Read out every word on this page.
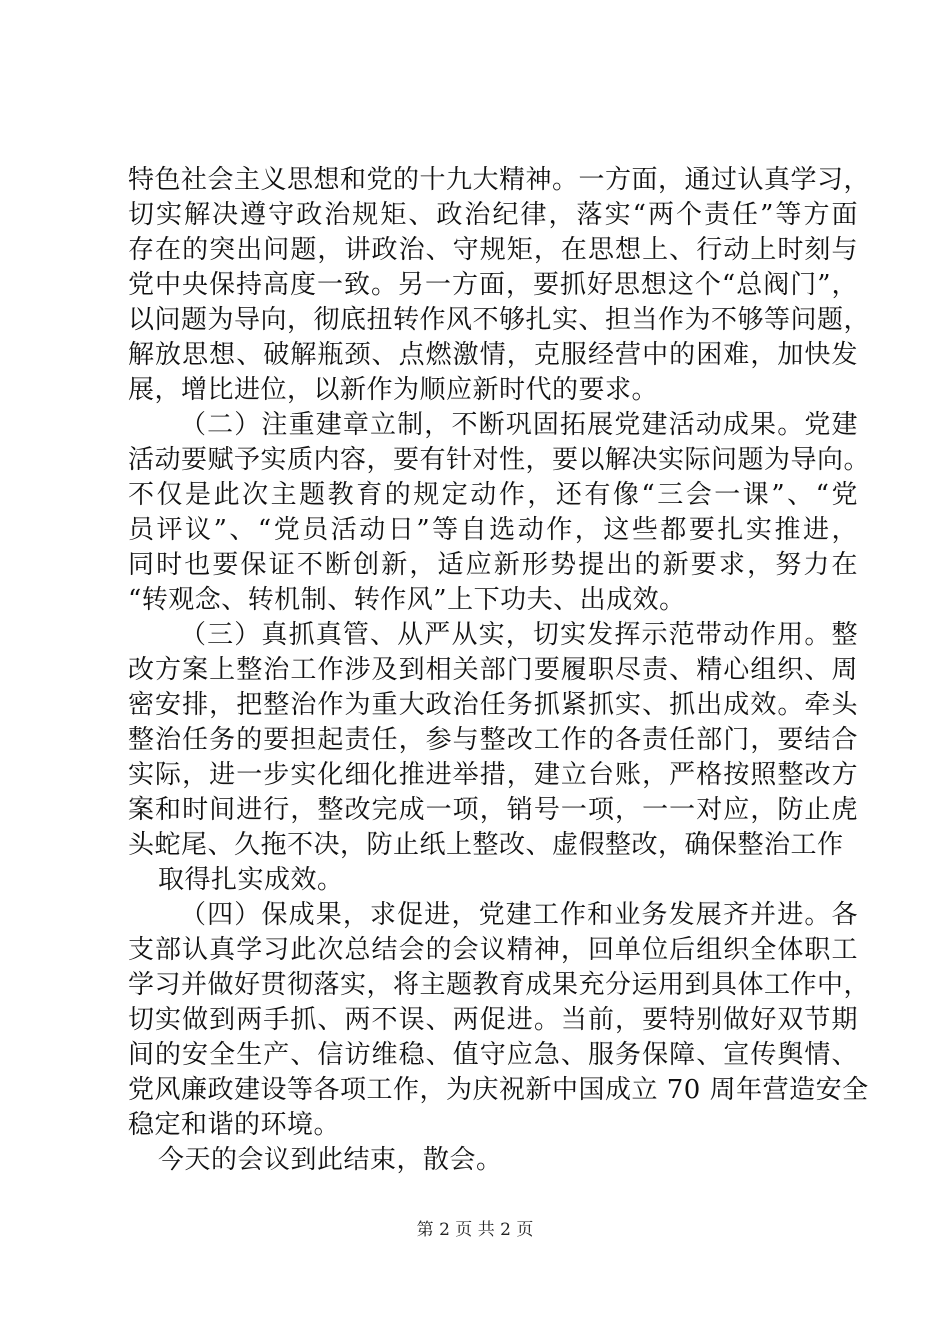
特色社会主义思想和党的十九大精神。一方面，通过认真学习，
切实解决遵守政治规矩、政治纪律，落实“两个责任”等方面
存在的突出问题，讲政治、守规矩，在思想上、行动上时刻与
党中央保持高度一致。另一方面，要抓好思想这个“总阀门”，
以问题为导向，彻底扭转作风不够扎实、担当作为不够等问题，
解放思想、破解瓶颈、点燃激情，克服经营中的困难，加快发
展，增比进位，以新作为顺应新时代的要求。
（二）注重建章立制，不断巩固拓展党建活动成果。党建
活动要赋予实质内容，要有针对性，要以解决实际问题为导向。
不仅是此次主题教育的规定动作，还有像“三会一课”、“党
员评议”、“党员活动日”等自选动作，这些都要扎实推进，
同时也要保证不断创新，适应新形势提出的新要求，努力在
“转观念、转机制、转作风”上下功夫、出成效。
（三）真抓真管、从严从实，切实发挥示范带动作用。整
改方案上整治工作涉及到相关部门要履职尽责、精心组织、周
密安排，把整治作为重大政治任务抓紧抓实、抓出成效。牵头
整治任务的要担起责任，参与整改工作的各责任部门，要结合
实际，进一步实化细化推进举措，建立台账，严格按照整改方
案和时间进行，整改完成一项，销号一项，一一对应，防止虎
头蛇尾、久拖不决，防止纸上整改、虚假整改，确保整治工作
取得扎实成效。
（四）保成果，求促进，党建工作和业务发展齐并进。各
支部认真学习此次总结会的会议精神，回单位后组织全体职工
学习并做好贯彻落实，将主题教育成果充分运用到具体工作中，
切实做到两手抓、两不误、两促进。当前，要特别做好双节期
间的安全生产、信访维稳、值守应急、服务保障、宣传舆情、
党风廉政建设等各项工作，为庆祝新中国成立 70 周年营造安全
稳定和谐的环境。
今天的会议到此结束，散会。
第 2 页 共 2 页
